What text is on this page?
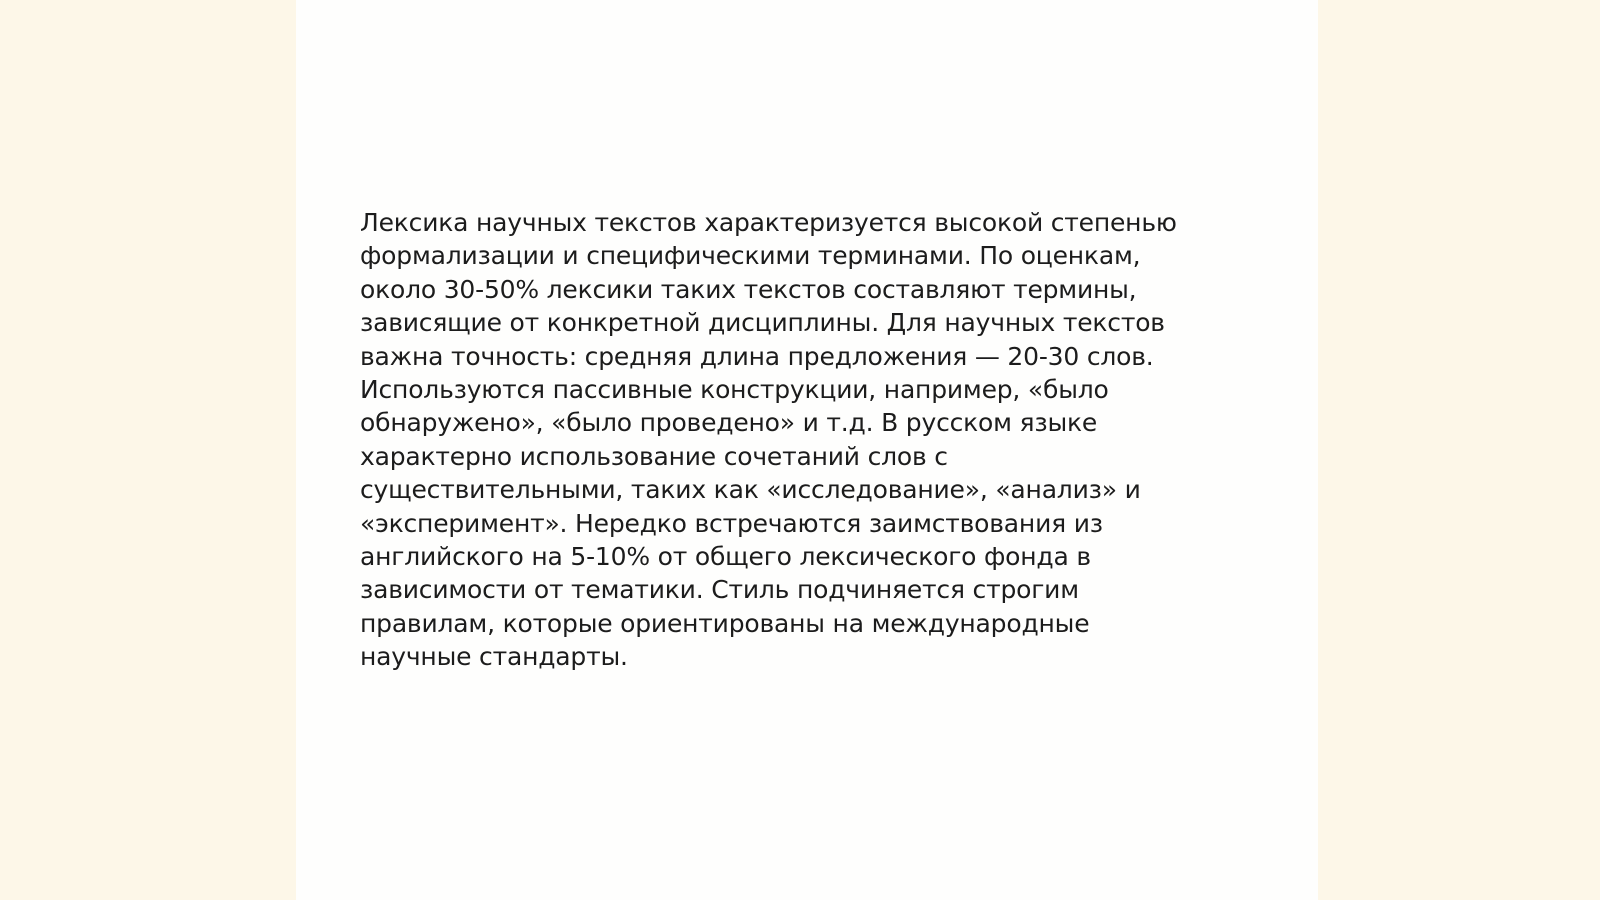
Лексика научных текстов характеризуется высокой степенью
формализации и специфическими терминами. По оценкам,
около 30-50% лексики таких текстов составляют термины,
зависящие от конкретной дисциплины. Для научных текстов
важна точность: средняя длина предложения — 20-30 слов.
Используются пассивные конструкции, например, «было
обнаружено», «было проведено» и т.д. В русском языке
характерно использование сочетаний слов с
существительными, таких как «исследование», «анализ» и
«эксперимент». Нередко встречаются заимствования из
английского на 5-10% от общего лексического фонда в
зависимости от тематики. Стиль подчиняется строгим
правилам, которые ориентированы на международные
научные стандарты.
